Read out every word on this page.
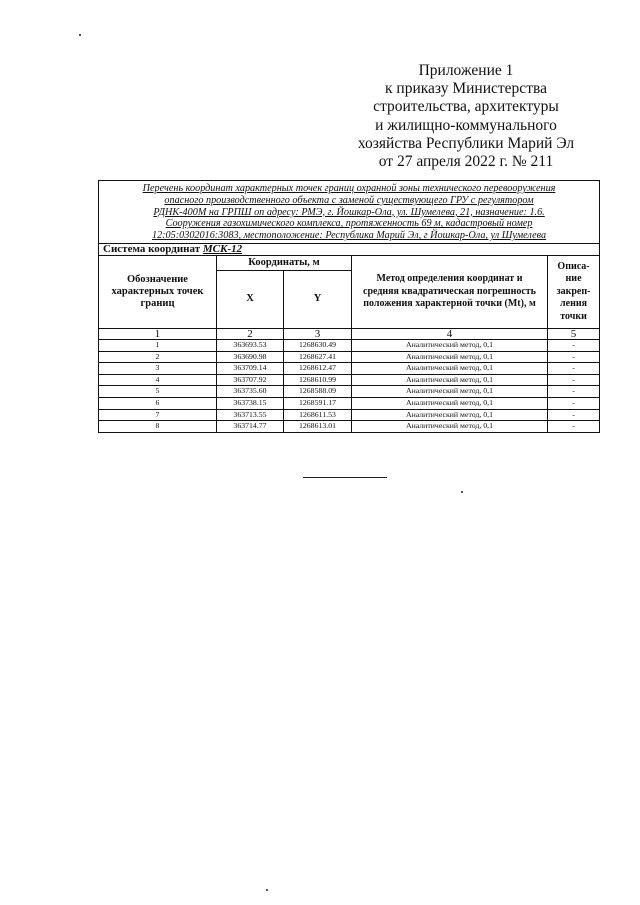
Приложение 1
к приказу Министерства
строительства, архитектуры
и жилищно-коммунального
хозяйства Республики Марий Эл
от 27 апреля 2022 г. № 211
Перечень координат характерных точек границ охранной зоны технического перевооружения
опасного производственного объекта с заменой существующего ГРУ с регулятором
РДНК-400М на ГРПШ оп адресу: РМЭ, г. Йошкар-Ола, ул. Шумелева, 21, назначение: 1.6.
Сооружения газохимического комплекса, протяженность 69 м, кадастровый номер
12:05:0302016:3083, местоположение: Республика Марий Эл, г Йошкар-Ола, ул Шумелева				

Система координат МСК-12				
Обозначение характерных точек границ	Координаты, м		Метод определения координат и средняя квадратическая погрешность положения характерной точки (Mt), м	Описа-ние закреп-ления точки
	X	Y		
1	2	3	4	5
1	363693.53	1268630.49	Аналитический метод, 0,1	-
2	363690.98	1268627.41	Аналитический метод, 0,1	-
3	363709.14	1268612.47	Аналитический метод, 0,1	-
4	363707.92	1268610.99	Аналитический метод, 0,1	-
5	363735.60	1268588.09	Аналитический метод, 0,1	-
6	363738.15	1268591.17	Аналитический метод, 0,1	-
7	363713.55	1268611.53	Аналитический метод, 0,1	-
8	363714.77	1268613.01	Аналитический метод, 0,1	-
